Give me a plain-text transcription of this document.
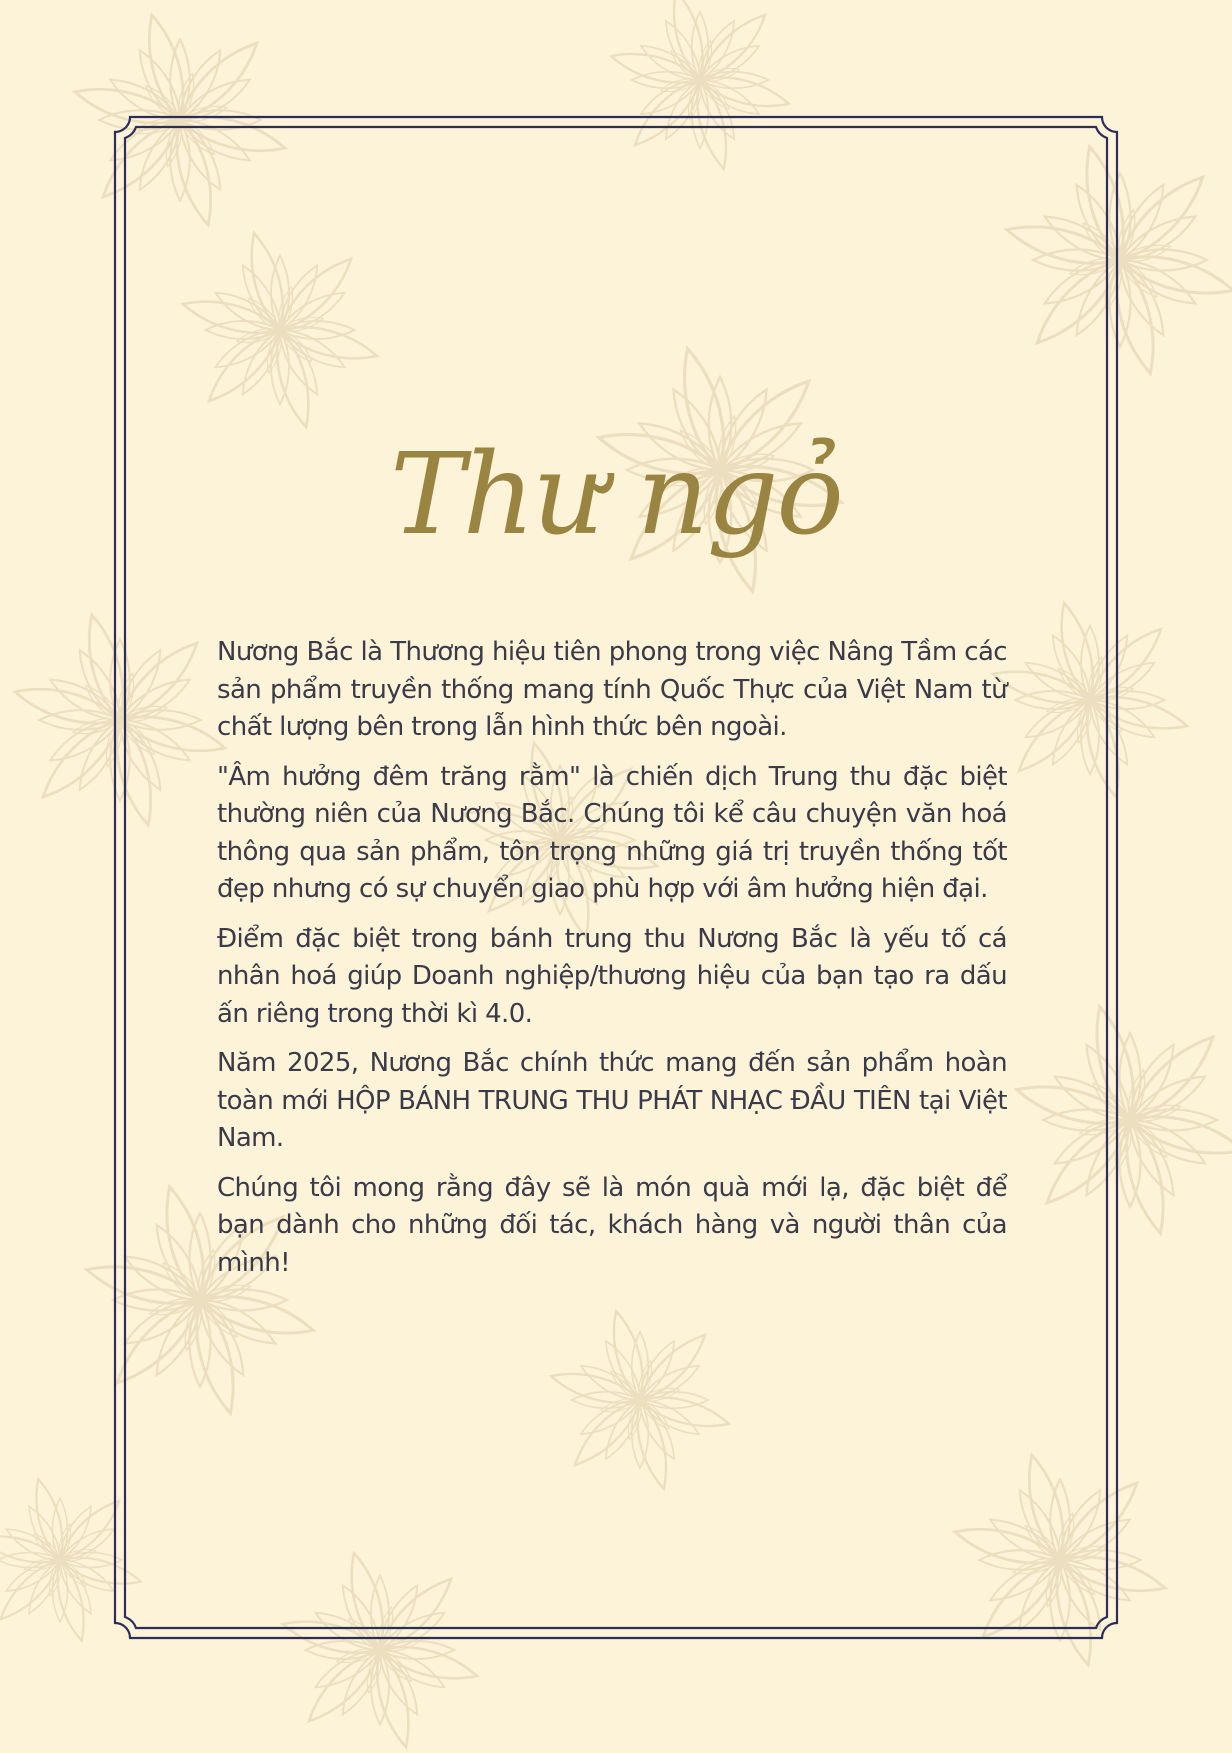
Thư ngỏ

Nương Bắc là Thương hiệu tiên phong trong việc Nâng Tầm các sản phẩm truyền thống mang tính Quốc Thực của Việt Nam từ chất lượng bên trong lẫn hình thức bên ngoài.

"Âm hưởng đêm trăng rằm" là chiến dịch Trung thu đặc biệt thường niên của Nương Bắc. Chúng tôi kể câu chuyện văn hoá thông qua sản phẩm, tôn trọng những giá trị truyền thống tốt đẹp nhưng có sự chuyển giao phù hợp với âm hưởng hiện đại.

Điểm đặc biệt trong bánh trung thu Nương Bắc là yếu tố cá nhân hoá giúp Doanh nghiệp/thương hiệu của bạn tạo ra dấu ấn riêng trong thời kì 4.0.

Năm 2025, Nương Bắc chính thức mang đến sản phẩm hoàn toàn mới HỘP BÁNH TRUNG THU PHÁT NHẠC ĐẦU TIÊN tại Việt Nam.

Chúng tôi mong rằng đây sẽ là món quà mới lạ, đặc biệt để bạn dành cho những đối tác, khách hàng và người thân của mình!
